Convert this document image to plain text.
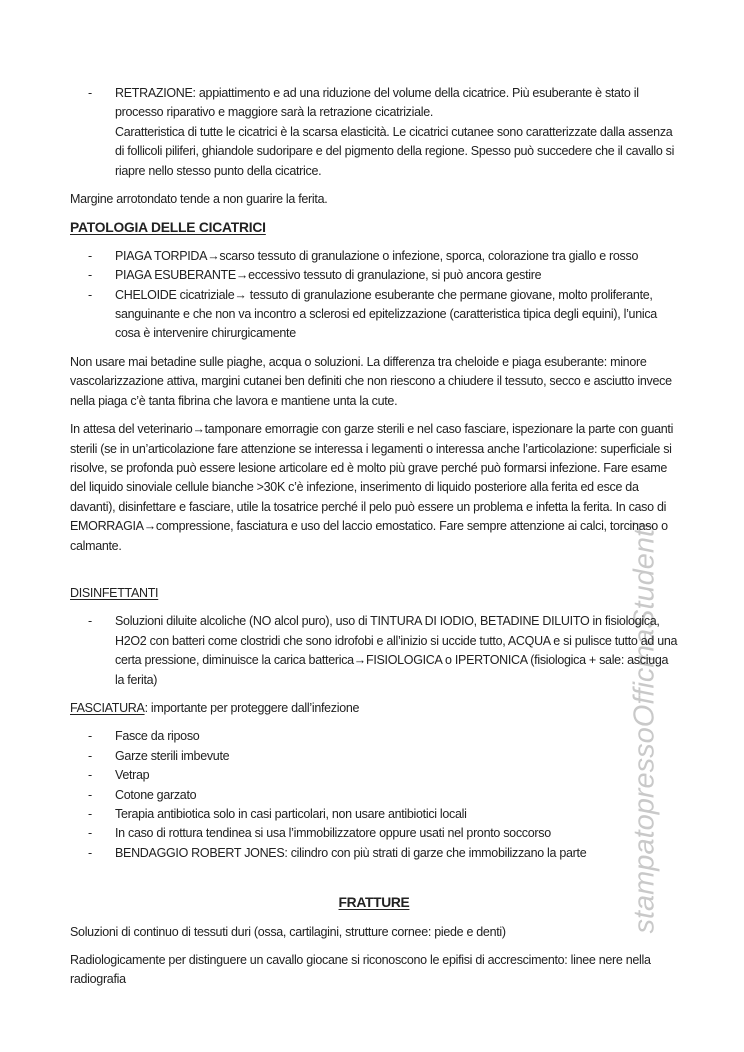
stampatopressoOfficinaStudenti
-	RETRAZIONE: appiattimento e ad una riduzione del volume della cicatrice. Più esuberante è stato il processo riparativo e maggiore sarà la retrazione cicatriziale.
Caratteristica di tutte le cicatrici è la scarsa elasticità. Le cicatrici cutanee sono caratterizzate dalla assenza di follicoli piliferi, ghiandole sudoripare e del pigmento della regione. Spesso può succedere che il cavallo si riapre nello stesso punto della cicatrice.
Margine arrotondato tende a non guarire la ferita.
PATOLOGIA DELLE CICATRICI
-	PIAGA TORPIDA→scarso tessuto di granulazione o infezione, sporca, colorazione tra giallo e rosso
-	PIAGA ESUBERANTE→eccessivo tessuto di granulazione, si può ancora gestire
-	CHELOIDE cicatriziale→ tessuto di granulazione esuberante che permane giovane, molto proliferante, sanguinante e che non va incontro a sclerosi ed epitelizzazione (caratteristica tipica degli equini), l’unica cosa è intervenire chirurgicamente
Non usare mai betadine sulle piaghe, acqua o soluzioni. La differenza tra cheloide e piaga esuberante: minore vascolarizzazione attiva, margini cutanei ben definiti che non riescono a chiudere il tessuto, secco e asciutto invece nella piaga c’è tanta fibrina che lavora e mantiene unta la cute.
In attesa del veterinario→tamponare emorragie con garze sterili e nel caso fasciare, ispezionare la parte con guanti sterili (se in un’articolazione fare attenzione se interessa i legamenti o interessa anche l’articolazione: superficiale si risolve, se profonda può essere lesione articolare ed è molto più grave perché può formarsi infezione. Fare esame del liquido sinoviale cellule bianche >30K c’è infezione, inserimento di liquido posteriore alla ferita ed esce da davanti), disinfettare e fasciare, utile la tosatrice perché il pelo può essere un problema e infetta la ferita. In caso di EMORRAGIA→compressione, fasciatura e uso del laccio emostatico. Fare sempre attenzione ai calci, torcinaso o calmante.
DISINFETTANTI
-	Soluzioni diluite alcoliche (NO alcol puro), uso di TINTURA DI IODIO, BETADINE DILUITO in fisiologica, H2O2 con batteri come clostridi che sono idrofobi e all’inizio si uccide tutto, ACQUA e si pulisce tutto ad una certa pressione, diminuisce la carica batterica→FISIOLOGICA o IPERTONICA (fisiologica + sale: asciuga la ferita)
FASCIATURA: importante per proteggere dall’infezione
-	Fasce da riposo
-	Garze sterili imbevute
-	Vetrap
-	Cotone garzato
-	Terapia antibiotica solo in casi particolari, non usare antibiotici locali
-	In caso di rottura tendinea si usa l’immobilizzatore oppure usati nel pronto soccorso
-	BENDAGGIO ROBERT JONES: cilindro con più strati di garze che immobilizzano la parte
FRATTURE
Soluzioni di continuo di tessuti duri (ossa, cartilagini, strutture cornee: piede e denti)
Radiologicamente per distinguere un cavallo giocane si riconoscono le epifisi di accrescimento: linee nere nella radiografia
